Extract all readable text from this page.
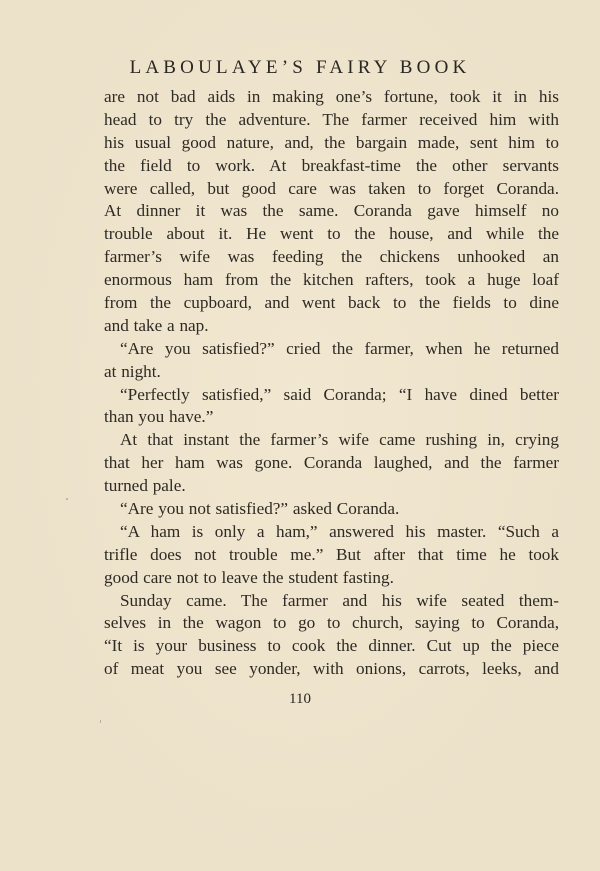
LABOULAYE’S FAIRY BOOK
are not bad aids in making one’s fortune, took it in his
head to try the adventure. The farmer received him with
his usual good nature, and, the bargain made, sent him to
the field to work. At breakfast-time the other servants
were called, but good care was taken to forget Coranda.
At dinner it was the same. Coranda gave himself no
trouble about it. He went to the house, and while the
farmer’s wife was feeding the chickens unhooked an
enormous ham from the kitchen rafters, took a huge loaf
from the cupboard, and went back to the fields to dine
and take a nap.
“Are you satisfied?” cried the farmer, when he returned
at night.
“Perfectly satisfied,” said Coranda; “I have dined better
than you have.”
At that instant the farmer’s wife came rushing in, crying
that her ham was gone. Coranda laughed, and the farmer
turned pale.
“Are you not satisfied?” asked Coranda.
“A ham is only a ham,” answered his master. “Such a
trifle does not trouble me.” But after that time he took
good care not to leave the student fasting.
Sunday came. The farmer and his wife seated them-
selves in the wagon to go to church, saying to Coranda,
“It is your business to cook the dinner. Cut up the piece
of meat you see yonder, with onions, carrots, leeks, and
110
